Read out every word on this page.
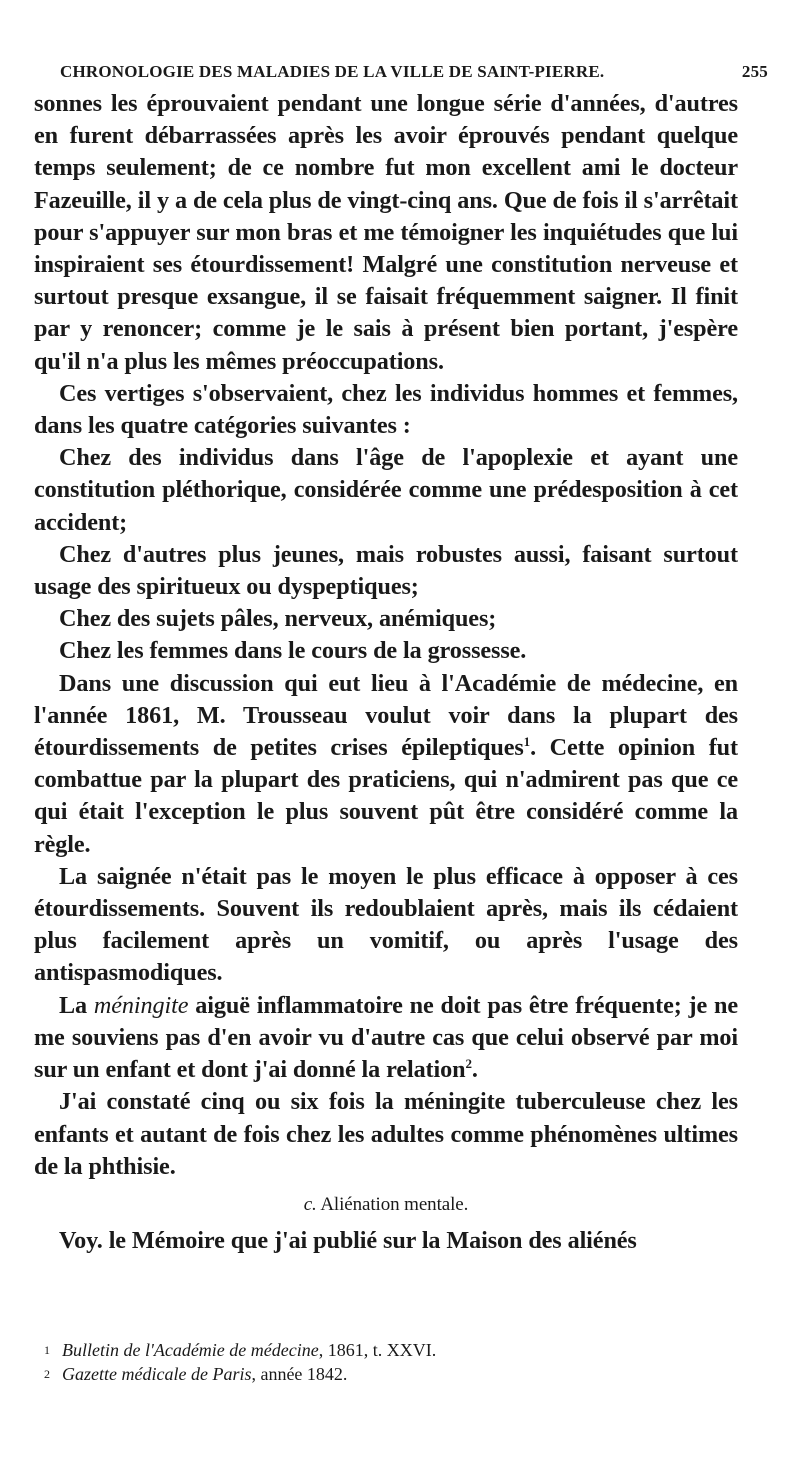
CHRONOLOGIE DES MALADIES DE LA VILLE DE SAINT-PIERRE.	255

sonnes les éprouvaient pendant une longue série d'années, d'autres en furent débarrassées après les avoir éprouvés pendant quelque temps seulement; de ce nombre fut mon excellent ami le docteur Fazeuille, il y a de cela plus de vingt-cinq ans. Que de fois il s'arrêtait pour s'appuyer sur mon bras et me témoigner les inquiétudes que lui inspiraient ses étourdissement! Malgré une constitution nerveuse et surtout presque exsangue, il se faisait fréquemment saigner. Il finit par y renoncer; comme je le sais à présent bien portant, j'espère qu'il n'a plus les mêmes préoccupations.

Ces vertiges s'observaient, chez les individus hommes et femmes, dans les quatre catégories suivantes :

Chez des individus dans l'âge de l'apoplexie et ayant une constitution pléthorique, considérée comme une prédesposition à cet accident;

Chez d'autres plus jeunes, mais robustes aussi, faisant surtout usage des spiritueux ou dyspeptiques;

Chez des sujets pâles, nerveux, anémiques;

Chez les femmes dans le cours de la grossesse.

Dans une discussion qui eut lieu à l'Académie de médecine, en l'année 1861, M. Trousseau voulut voir dans la plupart des étourdissements de petites crises épileptiques$^1$. Cette opinion fut combattue par la plupart des praticiens, qui n'admirent pas que ce qui était l'exception le plus souvent pût être considéré comme la règle.

La saignée n'était pas le moyen le plus efficace à opposer à ces étourdissements. Souvent ils redoublaient après, mais ils cédaient plus facilement après un vomitif, ou après l'usage des antispasmodiques.

La méningite aiguë inflammatoire ne doit pas être fréquente; je ne me souviens pas d'en avoir vu d'autre cas que celui observé par moi sur un enfant et dont j'ai donné la relation$^2$.

J'ai constaté cinq ou six fois la méningite tuberculeuse chez les enfants et autant de fois chez les adultes comme phénomènes ultimes de la phthisie.

c. Aliénation mentale.

Voy. le Mémoire que j'ai publié sur la Maison des aliénés

1 Bulletin de l'Académie de médecine, 1861, t. XXVI.
2 Gazette médicale de Paris, année 1842.
